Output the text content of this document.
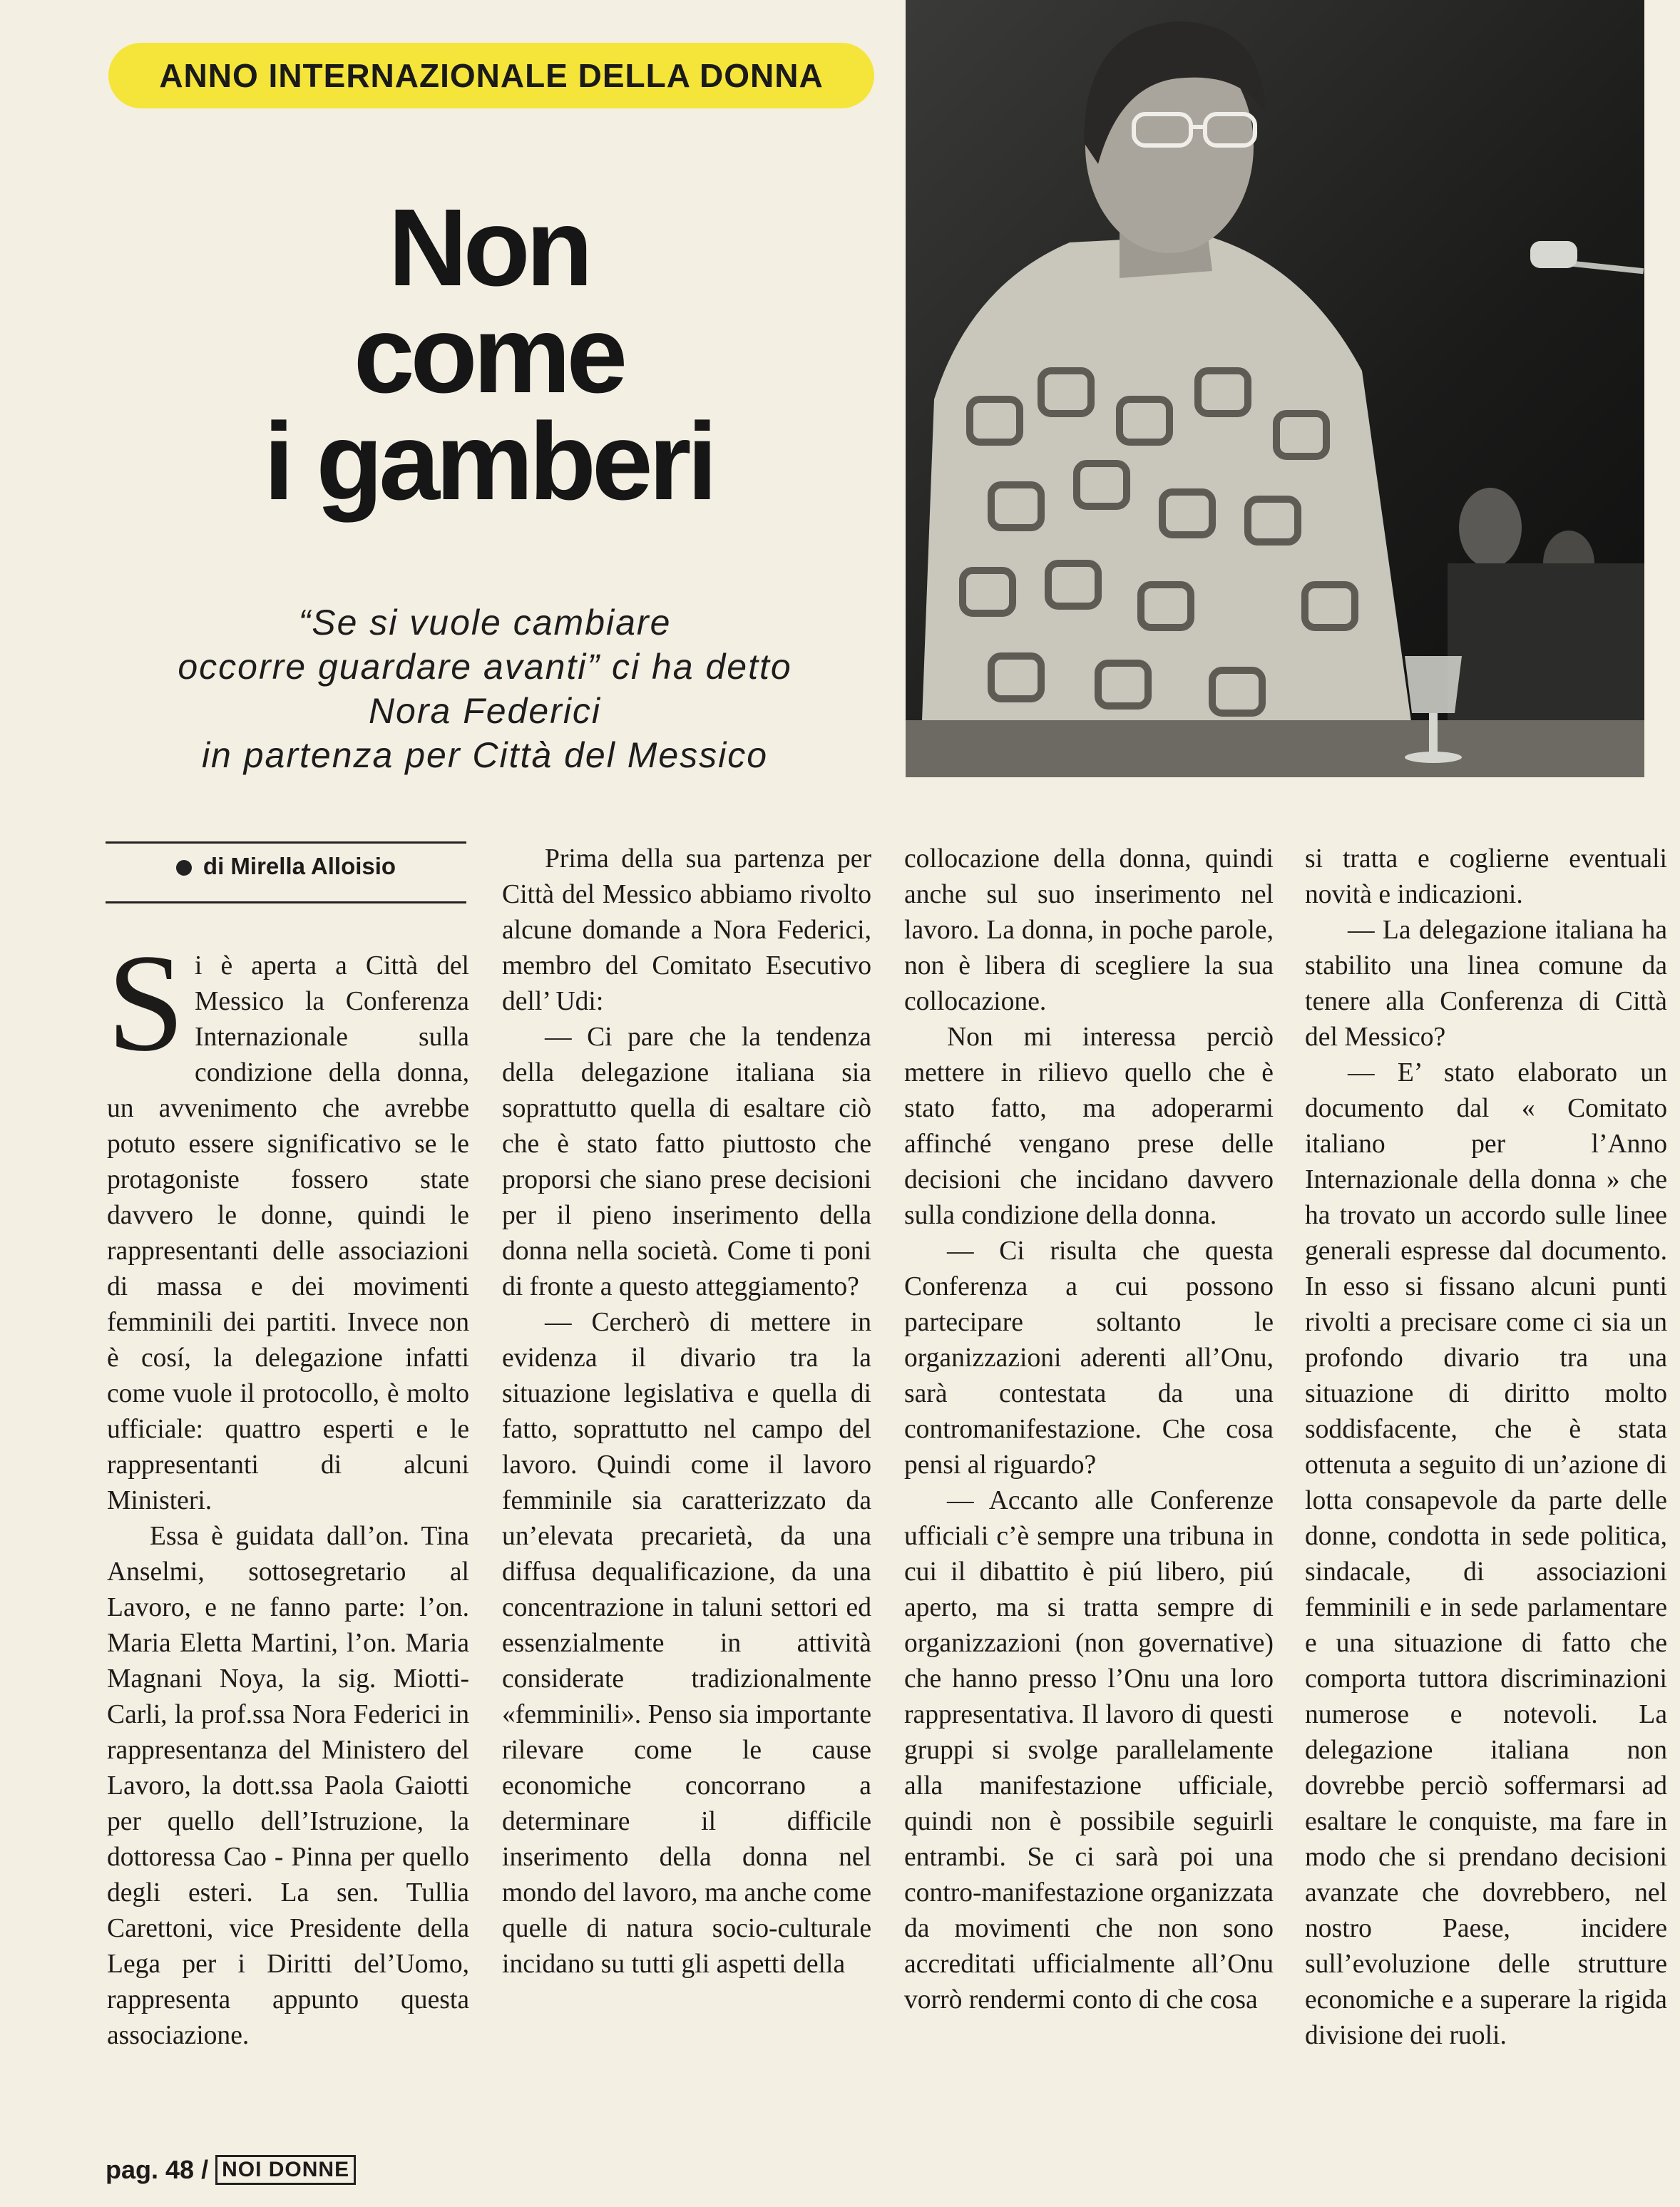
ANNO INTERNAZIONALE DELLA DONNA
Non
come
i gamberi
“Se si vuole cambiare
occorre guardare avanti” ci ha detto
Nora Federici
in partenza per Città del Messico
di Mirella Alloisio

Si è aperta a Città del Messico la Conferenza Internazionale sulla condizione della donna, un avvenimento che avrebbe potuto essere significativo se le protagoniste fossero state davvero le donne, quindi le rappresentanti delle associazioni di massa e dei movimenti femminili dei partiti. Invece non è cosí, la delegazione infatti come vuole il protocollo, è molto ufficiale: quattro esperti e le rappresentanti di alcuni Ministeri.

Essa è guidata dall’on. Tina Anselmi, sottosegretario al Lavoro, e ne fanno parte: l’on. Maria Eletta Martini, l’on. Maria Magnani Noya, la sig. Miotti-Carli, la prof.ssa Nora Federici in rappresentanza del Ministero del Lavoro, la dott.ssa Paola Gaiotti per quello dell’Istruzione, la dottoressa Cao - Pinna per quello degli esteri. La sen. Tullia Carettoni, vice Presidente della Lega per i Diritti del’Uomo, rappresenta appunto questa associazione.

Prima della sua partenza per Città del Messico abbiamo rivolto alcune domande a Nora Federici, membro del Comitato Esecutivo dell’ Udi:

— Ci pare che la tendenza della delegazione italiana sia soprattutto quella di esaltare ciò che è stato fatto piuttosto che proporsi che siano prese decisioni per il pieno inserimento della donna nella società. Come ti poni di fronte a questo atteggiamento?

— Cercherò di mettere in evidenza il divario tra la situazione legislativa e quella di fatto, soprattutto nel campo del lavoro. Quindi come il lavoro femminile sia caratterizzato da un’elevata precarietà, da una diffusa dequalificazione, da una concentrazione in taluni settori ed essenzialmente in attività considerate tradizionalmente «femminili». Penso sia importante rilevare come le cause economiche concorrano a determinare il difficile inserimento della donna nel mondo del lavoro, ma anche come quelle di natura socio-culturale incidano su tutti gli aspetti della

collocazione della donna, quindi anche sul suo inserimento nel lavoro. La donna, in poche parole, non è libera di scegliere la sua collocazione.

Non mi interessa perciò mettere in rilievo quello che è stato fatto, ma adoperarmi affinché vengano prese delle decisioni che incidano davvero sulla condizione della donna.

— Ci risulta che questa Conferenza a cui possono partecipare soltanto le organizzazioni aderenti all’Onu, sarà contestata da una contromanifestazione. Che cosa pensi al riguardo?

— Accanto alle Conferenze ufficiali c’è sempre una tribuna in cui il dibattito è piú libero, piú aperto, ma si tratta sempre di organizzazioni (non governative) che hanno presso l’Onu una loro rappresentativa. Il lavoro di questi gruppi si svolge parallelamente alla manifestazione ufficiale, quindi non è possibile seguirli entrambi. Se ci sarà poi una contro-manifestazione organizzata da movimenti che non sono accreditati ufficialmente all’Onu vorrò rendermi conto di che cosa

si tratta e coglierne eventuali novità e indicazioni.

— La delegazione italiana ha stabilito una linea comune da tenere alla Conferenza di Città del Messico?

— E’ stato elaborato un documento dal « Comitato italiano per l’Anno Internazionale della donna » che ha trovato un accordo sulle linee generali espresse dal documento. In esso si fissano alcuni punti rivolti a precisare come ci sia un profondo divario tra una situazione di diritto molto soddisfacente, che è stata ottenuta a seguito di un’azione di lotta consapevole da parte delle donne, condotta in sede politica, sindacale, di associazioni femminili e in sede parlamentare e una situazione di fatto che comporta tuttora discriminazioni numerose e notevoli. La delegazione italiana non dovrebbe perciò soffermarsi ad esaltare le conquiste, ma fare in modo che si prendano decisioni avanzate che dovrebbero, nel nostro Paese, incidere sull’evoluzione delle strutture economiche e a superare la rigida divisione dei ruoli.

pag. 48 / NOI DONNE
